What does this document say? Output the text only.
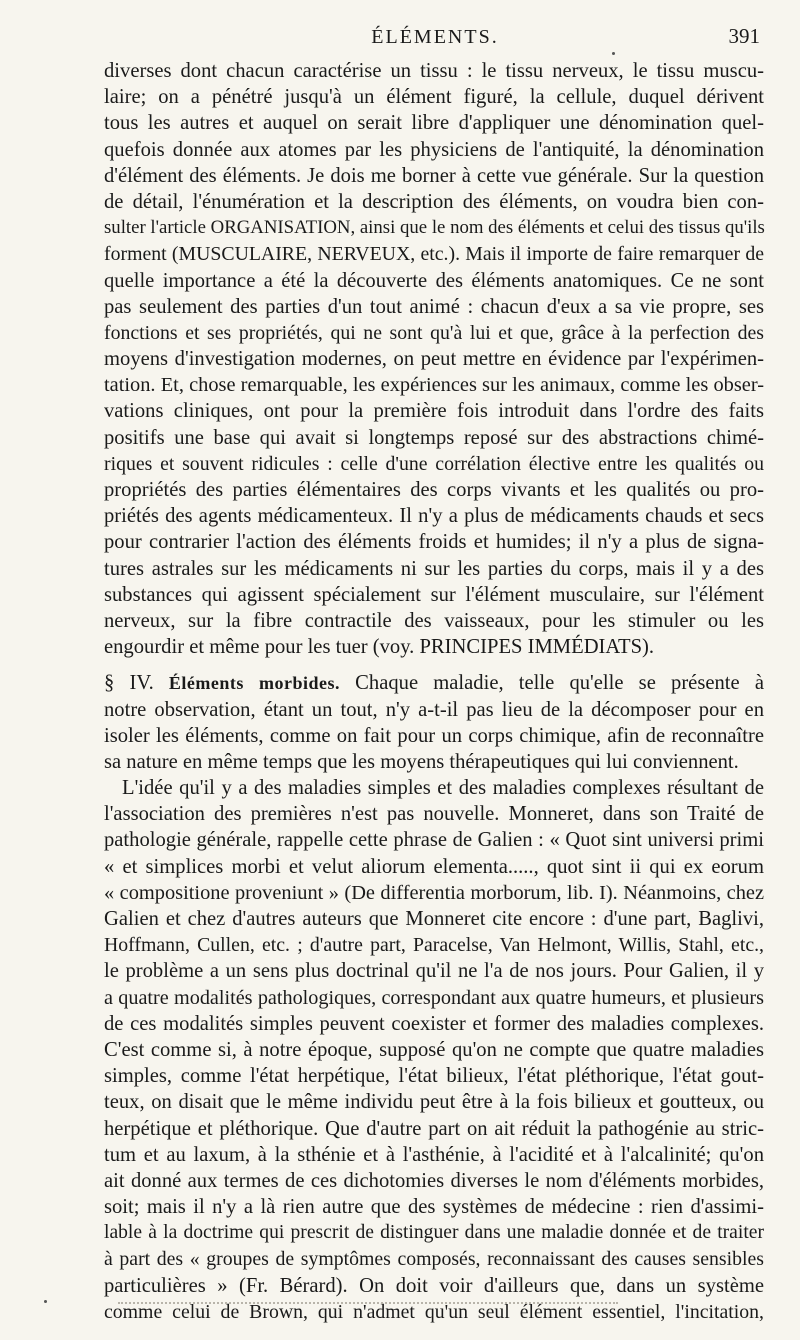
ÉLÉMENTS.	391
diverses dont chacun caractérise un tissu : le tissu nerveux, le tissu muscu-
laire; on a pénétré jusqu'à un élément figuré, la cellule, duquel dérivent
tous les autres et auquel on serait libre d'appliquer une dénomination quel-
quefois donnée aux atomes par les physiciens de l'antiquité, la dénomination
d'élément des éléments. Je dois me borner à cette vue générale. Sur la question
de détail, l'énumération et la description des éléments, on voudra bien con-
sulter l'article ORGANISATION, ainsi que le nom des éléments et celui des tissus qu'ils
forment (MUSCULAIRE, NERVEUX, etc.). Mais il importe de faire remarquer de
quelle importance a été la découverte des éléments anatomiques. Ce ne sont
pas seulement des parties d'un tout animé : chacun d'eux a sa vie propre, ses
fonctions et ses propriétés, qui ne sont qu'à lui et que, grâce à la perfection des
moyens d'investigation modernes, on peut mettre en évidence par l'expérimen-
tation. Et, chose remarquable, les expériences sur les animaux, comme les obser-
vations cliniques, ont pour la première fois introduit dans l'ordre des faits
positifs une base qui avait si longtemps reposé sur des abstractions chimé-
riques et souvent ridicules : celle d'une corrélation élective entre les qualités ou
propriétés des parties élémentaires des corps vivants et les qualités ou pro-
priétés des agents médicamenteux. Il n'y a plus de médicaments chauds et secs
pour contrarier l'action des éléments froids et humides; il n'y a plus de signa-
tures astrales sur les médicaments ni sur les parties du corps, mais il y a des
substances qui agissent spécialement sur l'élément musculaire, sur l'élément
nerveux, sur la fibre contractile des vaisseaux, pour les stimuler ou les
engourdir et même pour les tuer (voy. PRINCIPES IMMÉDIATS).
§ IV. Éléments morbides. Chaque maladie, telle qu'elle se présente à
notre observation, étant un tout, n'y a-t-il pas lieu de la décomposer pour en
isoler les éléments, comme on fait pour un corps chimique, afin de reconnaître
sa nature en même temps que les moyens thérapeutiques qui lui conviennent.
L'idée qu'il y a des maladies simples et des maladies complexes résultant de
l'association des premières n'est pas nouvelle. Monneret, dans son Traité de
pathologie générale, rappelle cette phrase de Galien : « Quot sint universi primi
« et simplices morbi et velut aliorum elementa....., quot sint ii qui ex eorum
« compositione proveniunt » (De differentia morborum, lib. I). Néanmoins, chez
Galien et chez d'autres auteurs que Monneret cite encore : d'une part, Baglivi,
Hoffmann, Cullen, etc. ; d'autre part, Paracelse, Van Helmont, Willis, Stahl, etc.,
le problème a un sens plus doctrinal qu'il ne l'a de nos jours. Pour Galien, il y
a quatre modalités pathologiques, correspondant aux quatre humeurs, et plusieurs
de ces modalités simples peuvent coexister et former des maladies complexes.
C'est comme si, à notre époque, supposé qu'on ne compte que quatre maladies
simples, comme l'état herpétique, l'état bilieux, l'état pléthorique, l'état gout-
teux, on disait que le même individu peut être à la fois bilieux et goutteux, ou
herpétique et pléthorique. Que d'autre part on ait réduit la pathogénie au stric-
tum et au laxum, à la sthénie et à l'asthénie, à l'acidité et à l'alcalinité; qu'on
ait donné aux termes de ces dichotomies diverses le nom d'éléments morbides,
soit; mais il n'y a là rien autre que des systèmes de médecine : rien d'assimi-
lable à la doctrime qui prescrit de distinguer dans une maladie donnée et de traiter
à part des « groupes de symptômes composés, reconnaissant des causes sensibles
particulières » (Fr. Bérard). On doit voir d'ailleurs que, dans un système
comme celui de Brown, qui n'admet qu'un seul élément essentiel, l'incitation,
